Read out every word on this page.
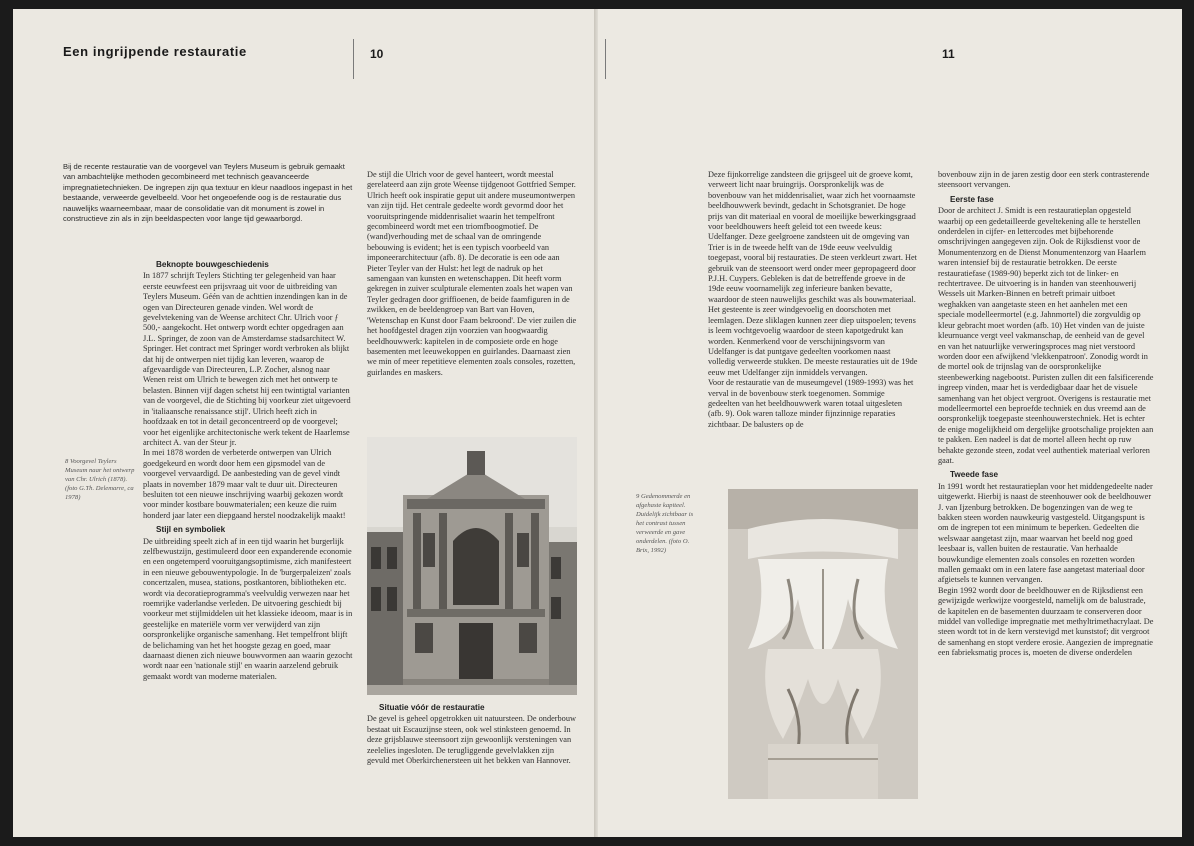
Een ingrijpende restauratie	10

Bij de recente restauratie van de voorgevel van Teylers Museum is gebruik gemaakt van ambachtelijke methoden gecombineerd met technisch geavanceerde impregnatietechnieken. De ingrepen zijn qua textuur en kleur naadloos ingepast in het bestaande, verweerde gevelbeeld. Voor het ongeoefende oog is de restauratie dus nauwelijks waarneembaar, maar de consolidatie van dit monument is zowel in constructieve zin als in zijn beeldaspecten voor lange tijd gewaarborgd.

Beknopte bouwgeschiedenis

In 1877 schrijft Teylers Stichting ter gelegenheid van haar eerste eeuwfeest een prijsvraag uit voor de uitbreiding van Teylers Museum. Géén van de achttien inzendingen kan in de ogen van Directeuren genade vinden. Wel wordt de gevelvtekening van de Weense architect Chr. Ulrich voor ƒ 500,- aangekocht. Het ontwerp wordt echter opgedragen aan J.L. Springer, de zoon van de Amsterdamse stadsarchitect W. Springer. Het contract met Springer wordt verbroken als blijkt dat hij de ontwerpen niet tijdig kan leveren, waarop de afgevaardigde van Directeuren, L.P. Zocher, alsnog naar Wenen reist om Ulrich te bewegen zich met het ontwerp te belasten. Binnen vijf dagen schetst hij een twintigtal varianten van de voorgevel, die de Stichting bij voorkeur ziet uitgevoerd in 'italiaansche renaissance stijl'. Ulrich heeft zich in hoofdzaak en tot in detail geconcentreerd op de voorgevel; voor het eigenlijke architectonische werk tekent de Haarlemse architect A. van der Steur jr.

In mei 1878 worden de verbeterde ontwerpen van Ulrich goedgekeurd en wordt door hem een gipsmodel van de voorgevel vervaardigd. De aanbesteding van de gevel vindt plaats in november 1879 maar valt te duur uit. Directeuren besluiten tot een nieuwe inschrijving waarbij gekozen wordt voor minder kostbare bouwmaterialen; een keuze die ruim honderd jaar later een diepgaand herstel noodzakelijk maakt!

Stijl en symboliek

De uitbreiding speelt zich af in een tijd waarin het burgerlijk zelfbewustzijn, gestimuleerd door een expanderende economie en een ongetemperd vooruitgangsoptimisme, zich manifesteert in een nieuwe gebouwentypologie. In de 'burgerpaleizen' zoals concertzalen, musea, stations, postkantoren, bibliotheken etc. wordt via decoratieprogramma's veelvuldig verwezen naar het roemrijke vaderlandse verleden. De uitvoering geschiedt bij voorkeur met stijlmiddelen uit het klassieke ideoom, maar is in geestelijke en materiële vorm ver verwijderd van zijn oorspronkelijke organische samenhang. Het tempelfront blijft de belichaming van het het hoogste gezag en goed, maar daarnaast dienen zich nieuwe bouwvormen aan waarin gezocht wordt naar een 'nationale stijl' en waarin aarzelend gebruik gemaakt wordt van moderne materialen.

8 Voorgevel Teylers Museum naar het ontwerp van Chr. Ulrich (1878). (foto G.Th. Delemarre, ca 1978)

De stijl die Ulrich voor de gevel hanteert, wordt meestal gerelateerd aan zijn grote Weense tijdgenoot Gottfried Semper. Ulrich heeft ook inspiratie geput uit andere museumontwerpen van zijn tijd. Het centrale gedeelte wordt gevormd door het vooruitspringende middenrisaliet waarin het tempelfront gecombineerd wordt met een triomfboogmotief. De (wand)verhouding met de schaal van de omringende bebouwing is evident; het is een typisch voorbeeld van imponeerarchitectuur (afb. 8). De decoratie is een ode aan Pieter Teyler van der Hulst: het legt de nadruk op het samengaan van kunsten en wetenschappen. Dit heeft vorm gekregen in zuiver sculpturale elementen zoals het wapen van Teyler gedragen door griffioenen, de beide faamfiguren in de zwikken, en de beeldengroep van Bart van Hoven, 'Wetenschap en Kunst door Faam bekroond'. De vier zuilen die het hoofdgestel dragen zijn voorzien van hoogwaardig beeldhouwwerk: kapitelen in de composiete orde en hoge basementen met leeuwekoppen en guirlandes. Daarnaast zien we min of meer repetitieve elementen zoals consoles, rozetten, guirlandes en maskers.

Situatie vóór de restauratie

De gevel is geheel opgetrokken uit natuursteen. De onderbouw bestaat uit Escauzijnse steen, ook wel stinksteen genoemd. In deze grijsblauwe steensoort zijn gewoonlijk versteningen van zeelelies ingesloten. De terugliggende gevelvlakken zijn gevuld met Oberkirchenersteen uit het bekken van Hannover.

11

Deze fijnkorrelige zandsteen die grijsgeel uit de groeve komt, verweert licht naar bruingrijs. Oorspronkelijk was de bovenbouw van het middenrisaliet, waar zich het voornaamste beeldhouwwerk bevindt, gedacht in Schotsgraniet. De hoge prijs van dit materiaal en vooral de moeilijke bewerkingsgraad voor beeldhouwers heeft geleid tot een tweede keus: Udelfanger. Deze geelgroene zandsteen uit de omgeving van Trier is in de tweede helft van de 19de eeuw veelvuldig toegepast, vooral bij restauraties. De steen verkleurt zwart. Het gebruik van de steensoort werd onder meer gepropageerd door P.J.H. Cuypers. Gebleken is dat de betreffende groeve in de 19de eeuw voornamelijk zeg inferieure banken bevatte, waardoor de steen nauwelijks geschikt was als bouwmateriaal. Het gesteente is zeer windgevoelig en doorschoten met leemlagen. Deze sliklagen kunnen zeer diep uitspoelen; tevens is leem vochtgevoelig waardoor de steen kapotgedrukt kan worden. Kenmerkend voor de verschijningsvorm van Udelfanger is dat puntgave gedeelten voorkomen naast volledig verweerde stukken. De meeste restauraties uit de 19de eeuw met Udelfanger zijn inmiddels vervangen.

Voor de restauratie van de museumgevel (1989-1993) was het verval in de bovenbouw sterk toegenomen. Sommige gedeelten van het beeldhouwwerk waren totaal uitgesleten (afb. 9). Ook waren talloze minder fijnzinnige reparaties zichtbaar. De balusters op de

9 Gedenommerde en afgehaste kapiteel. Duidelijk zichtbaar is het contrast tussen verweerde en gave onderdelen. (foto O. Brix, 1992)

bovenbouw zijn in de jaren zestig door een sterk contrasterende steensoort vervangen.

Eerste fase

Door de architect J. Smidt is een restauratieplan opgesteld waarbij op een gedetailleerde geveltekening alle te herstellen onderdelen in cijfer- en lettercodes met bijbehorende omschrijvingen aangegeven zijn. Ook de Rijksdienst voor de Monumentenzorg en de Dienst Monumentenzorg van Haarlem waren intensief bij de restauratie betrokken. De eerste restauratiefase (1989-90) beperkt zich tot de linker- en rechtertravee. De uitvoering is in handen van steenhouwerij Wessels uit Marken-Binnen en betreft primair uitboet weghakken van aangetaste steen en het aanhelen met een speciale modelleermortel (e.g. Jahnmortel) die zorgvuldig op kleur gebracht moet worden (afb. 10) Het vinden van de juiste kleurnuance vergt veel vakmanschap, de eenheid van de gevel en van het natuurlijke verweringsproces mag niet verstoord worden door een afwijkend 'vlekkenpatroon'. Zonodig wordt in de mortel ook de trijnslag van de oorspronkelijke steenbewerking nagebootst. Puristen zullen dit een falsificerende ingreep vinden, maar het is verdedigbaar daar het de visuele samenhang van het object vergroot. Overigens is restauratie met modelleermortel een beproefde techniek en dus vreemd aan de oorspronkelijk toegepaste steenhouwerstechniek. Het is echter de enige mogelijkheid om dergelijke grootschalige projekten aan te pakken. Een nadeel is dat de mortel alleen hecht op ruw behakte gezonde steen, zodat veel authentiek materiaal verloren gaat.

Tweede fase

In 1991 wordt het restauratieplan voor het middengedeelte nader uitgewerkt. Hierbij is naast de steenhouwer ook de beeldhouwer J. van Ijzenburg betrokken. De bogenzingen van de weg te bakken steen worden nauwkeurig vastgesteld. Uitgangspunt is om de ingrepen tot een minimum te beperken. Gedeelten die welswaar aangetast zijn, maar waarvan het beeld nog goed leesbaar is, vallen buiten de restauratie. Van herhaalde bouwkundige elementen zoals consoles en rozetten worden mallen gemaakt om in een latere fase aangetast materiaal door afgietsels te kunnen vervangen.

Begin 1992 wordt door de beeldhouwer en de Rijksdienst een gewijzigde werkwijze voorgesteld, namelijk om de balustrade, de kapitelen en de basementen duurzaam te conserveren door middel van volledige impregnatie met methyltrimethacrylaat. De steen wordt tot in de kern verstevigd met kunststof; dit vergroot de samenhang en stopt verdere erosie. Aangezien de impregnatie een fabrieksmatig proces is, moeten de diverse onderdelen
